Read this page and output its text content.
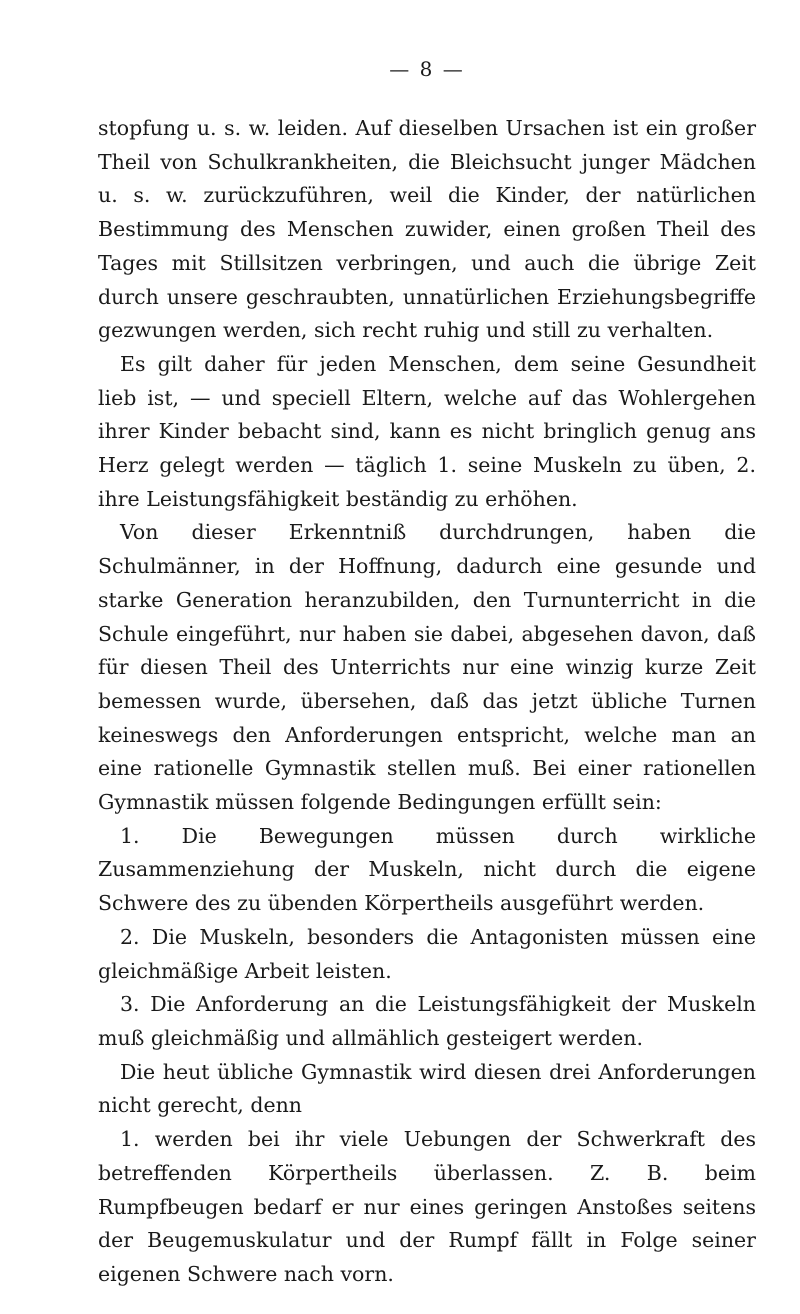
— 8 —

stopfung u. s. w. leiden. Auf dieselben Ursachen ist ein großer Theil von Schulkrankheiten, die Bleichsucht junger Mädchen u. s. w. zurückzuführen, weil die Kinder, der natürlichen Bestimmung des Menschen zuwider, einen großen Theil des Tages mit Stillsitzen verbringen, und auch die übrige Zeit durch unsere geschraubten, unnatürlichen Erziehungsbegriffe gezwungen werden, sich recht ruhig und still zu verhalten.

Es gilt daher für jeden Menschen, dem seine Gesundheit lieb ist, — und speciell Eltern, welche auf das Wohlergehen ihrer Kinder bebacht sind, kann es nicht bringlich genug ans Herz gelegt werden — täglich 1. seine Muskeln zu üben, 2. ihre Leistungsfähigkeit beständig zu erhöhen.

Von dieser Erkenntniß durchdrungen, haben die Schulmänner, in der Hoffnung, dadurch eine gesunde und starke Generation heranzubilden, den Turnunterricht in die Schule eingeführt, nur haben sie dabei, abgesehen davon, daß für diesen Theil des Unterrichts nur eine winzig kurze Zeit bemessen wurde, übersehen, daß das jetzt übliche Turnen keineswegs den Anforderungen entspricht, welche man an eine rationelle Gymnastik stellen muß. Bei einer rationellen Gymnastik müssen folgende Bedingungen erfüllt sein:

1. Die Bewegungen müssen durch wirkliche Zusammenziehung der Muskeln, nicht durch die eigene Schwere des zu übenden Körpertheils ausgeführt werden.

2. Die Muskeln, besonders die Antagonisten müssen eine gleichmäßige Arbeit leisten.

3. Die Anforderung an die Leistungsfähigkeit der Muskeln muß gleichmäßig und allmählich gesteigert werden.

Die heut übliche Gymnastik wird diesen drei Anforderungen nicht gerecht, denn

1. werden bei ihr viele Uebungen der Schwerkraft des betreffenden Körpertheils überlassen. Z. B. beim Rumpfbeugen bedarf er nur eines geringen Anstoßes seitens der Beugemuskulatur und der Rumpf fällt in Folge seiner eigenen Schwere nach vorn.
